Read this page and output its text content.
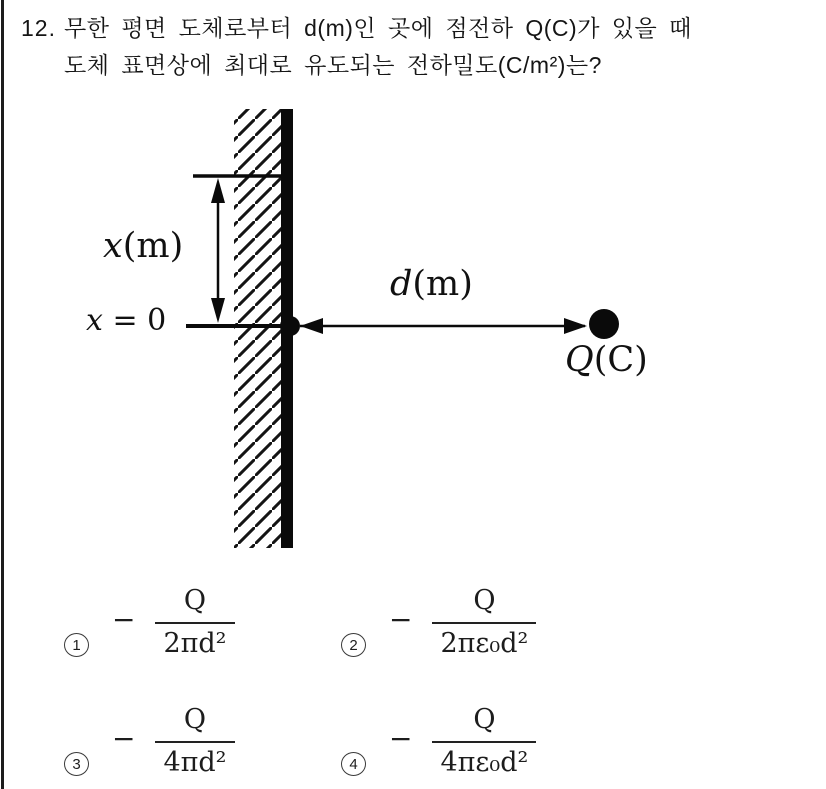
12. 무한 평면 도체로부터 d(m)인 곳에 점전하 Q(C)가 있을 때
도체 표면상에 최대로 유도되는 전하밀도(C/m²)는?
x(m)
x = 0
d(m)
Q(C)
1
− $\frac{Q}{\text{2πd²}}$	2
− $\frac{Q}{\text{2πε₀d²}}$
3
− $\frac{Q}{\text{4πd²}}$	4
− $\frac{Q}{\text{4πε₀d²}}$
